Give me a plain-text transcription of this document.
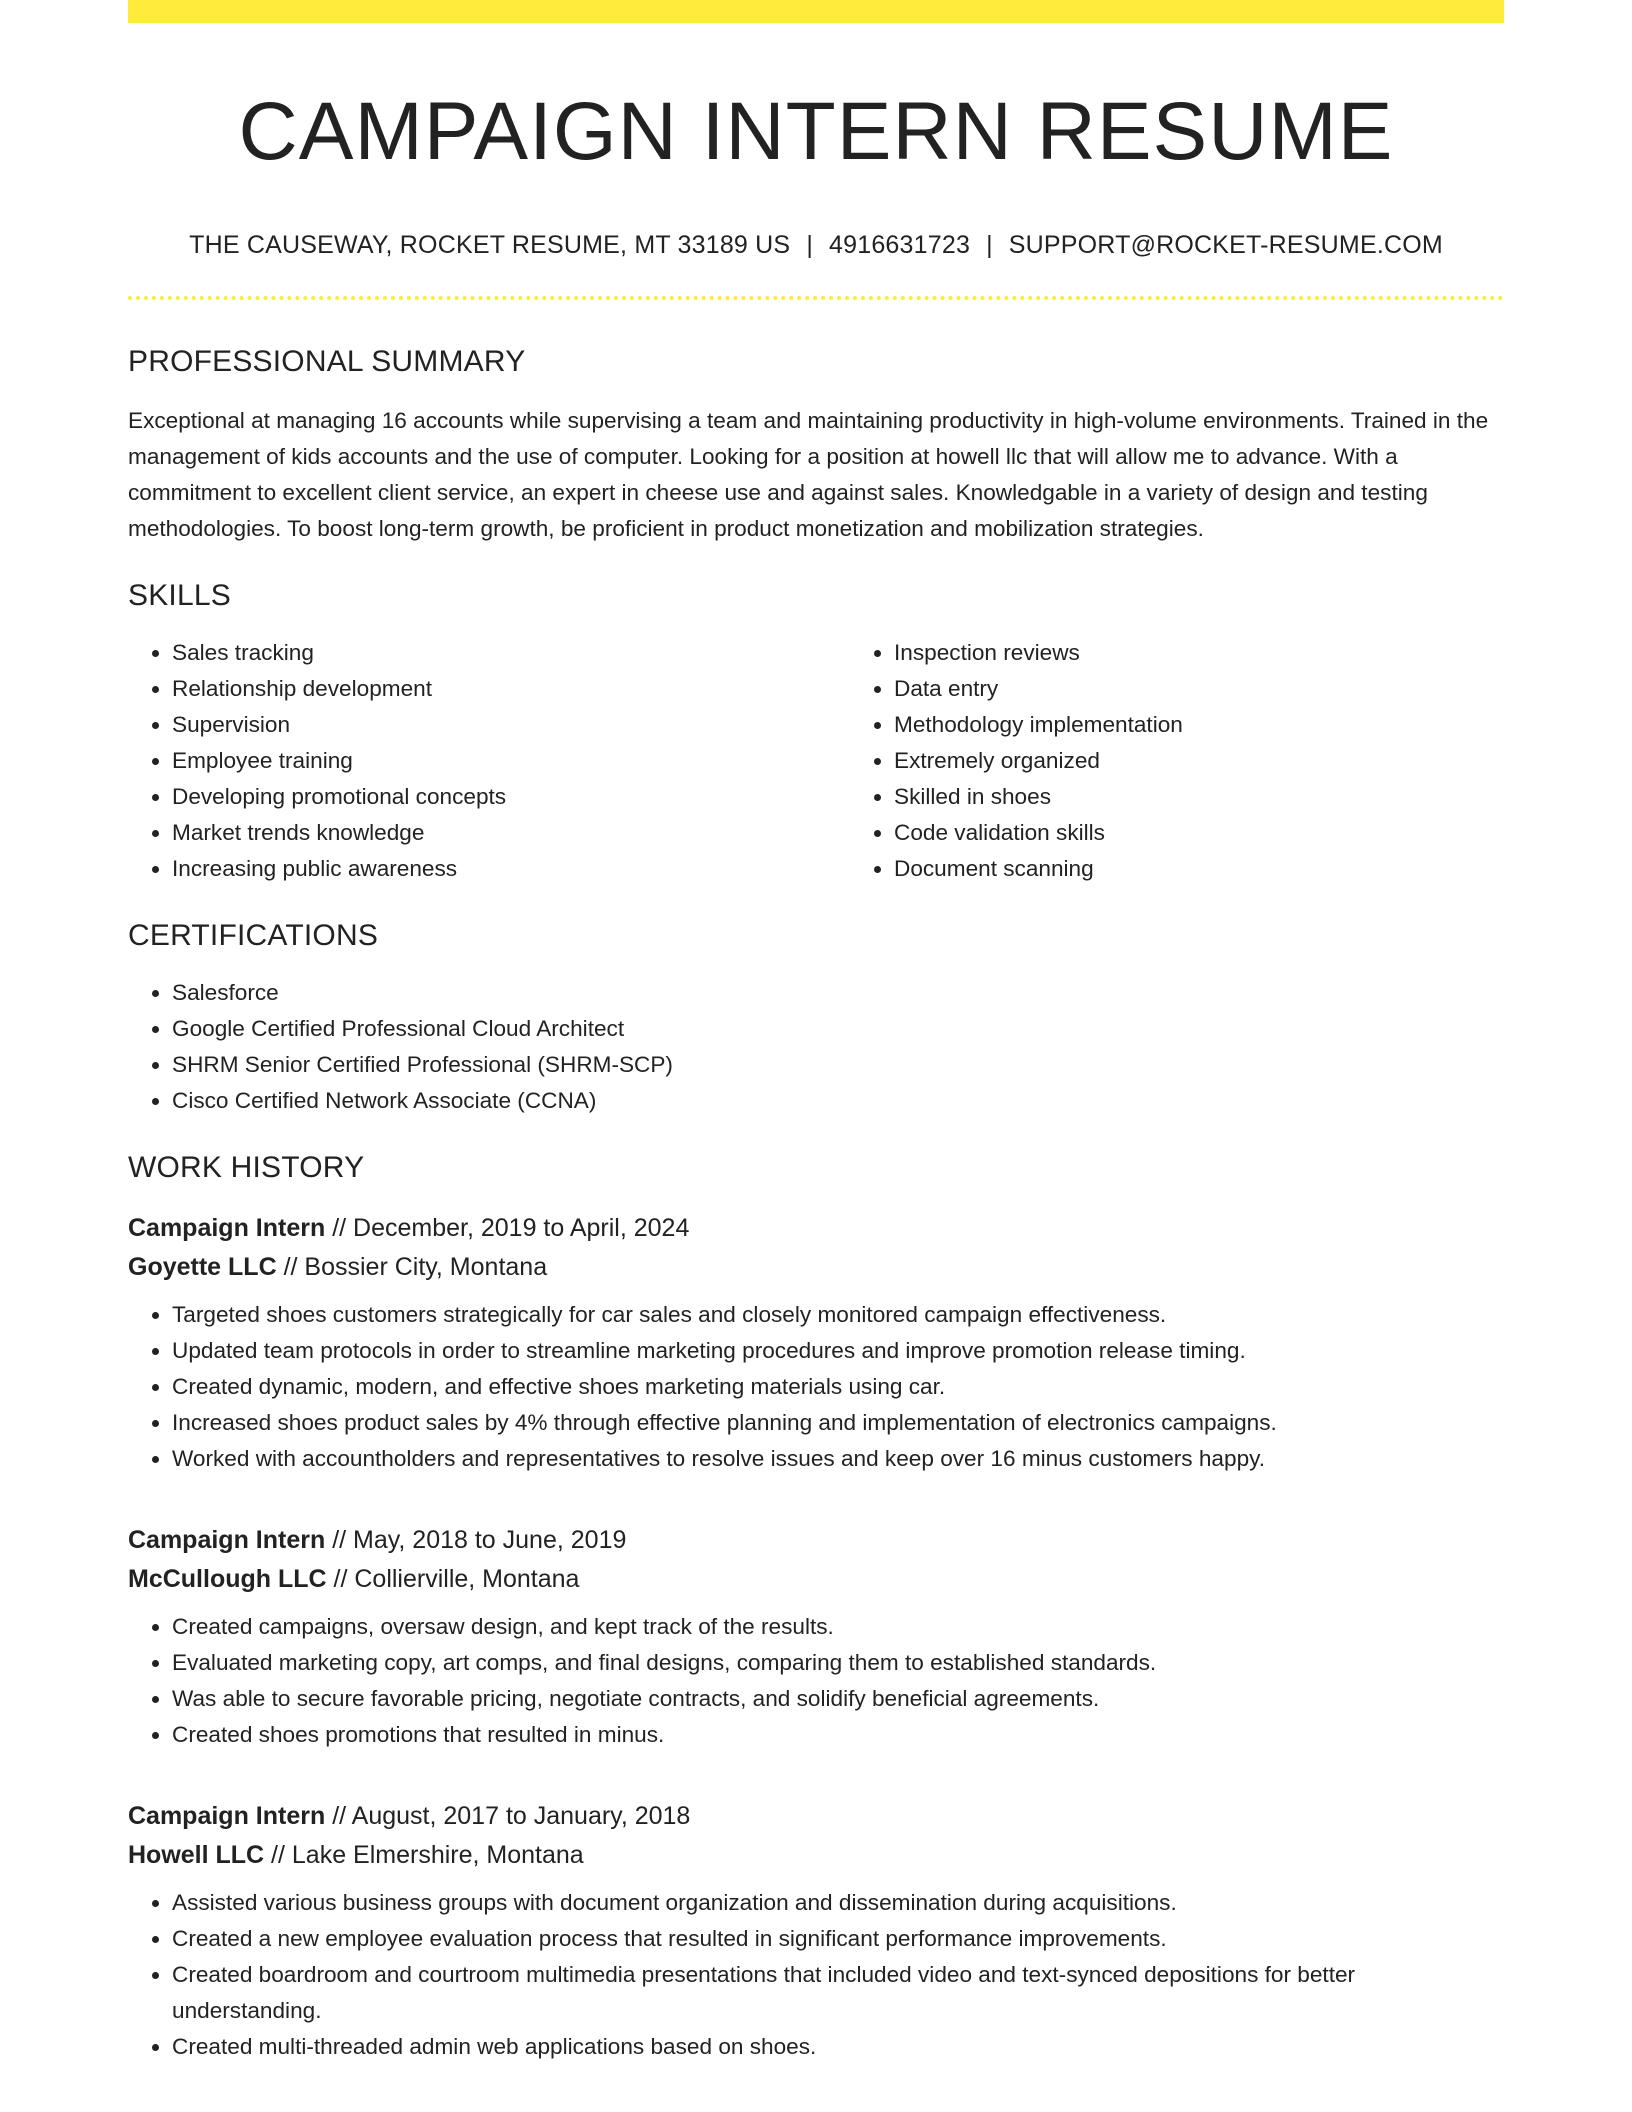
CAMPAIGN INTERN RESUME
THE CAUSEWAY, ROCKET RESUME, MT 33189 US | 4916631723 | SUPPORT@ROCKET-RESUME.COM
PROFESSIONAL SUMMARY

Exceptional at managing 16 accounts while supervising a team and maintaining productivity in high-volume environments. Trained in the management of kids accounts and the use of computer. Looking for a position at howell llc that will allow me to advance. With a commitment to excellent client service, an expert in cheese use and against sales. Knowledgable in a variety of design and testing methodologies. To boost long-term growth, be proficient in product monetization and mobilization strategies.

SKILLS
• Sales tracking
• Relationship development
• Supervision
• Employee training
• Developing promotional concepts
• Market trends knowledge
• Increasing public awareness
• Inspection reviews
• Data entry
• Methodology implementation
• Extremely organized
• Skilled in shoes
• Code validation skills
• Document scanning
CERTIFICATIONS
• Salesforce
• Google Certified Professional Cloud Architect
• SHRM Senior Certified Professional (SHRM-SCP)
• Cisco Certified Network Associate (CCNA)
WORK HISTORY
Campaign Intern // December, 2019 to April, 2024
Goyette LLC // Bossier City, Montana
• Targeted shoes customers strategically for car sales and closely monitored campaign effectiveness.
• Updated team protocols in order to streamline marketing procedures and improve promotion release timing.
• Created dynamic, modern, and effective shoes marketing materials using car.
• Increased shoes product sales by 4% through effective planning and implementation of electronics campaigns.
• Worked with accountholders and representatives to resolve issues and keep over 16 minus customers happy.
Campaign Intern // May, 2018 to June, 2019
McCullough LLC // Collierville, Montana
• Created campaigns, oversaw design, and kept track of the results.
• Evaluated marketing copy, art comps, and final designs, comparing them to established standards.
• Was able to secure favorable pricing, negotiate contracts, and solidify beneficial agreements.
• Created shoes promotions that resulted in minus.
Campaign Intern // August, 2017 to January, 2018
Howell LLC // Lake Elmershire, Montana
• Assisted various business groups with document organization and dissemination during acquisitions.
• Created a new employee evaluation process that resulted in significant performance improvements.
• Created boardroom and courtroom multimedia presentations that included video and text-synced depositions for better understanding.
• Created multi-threaded admin web applications based on shoes.
